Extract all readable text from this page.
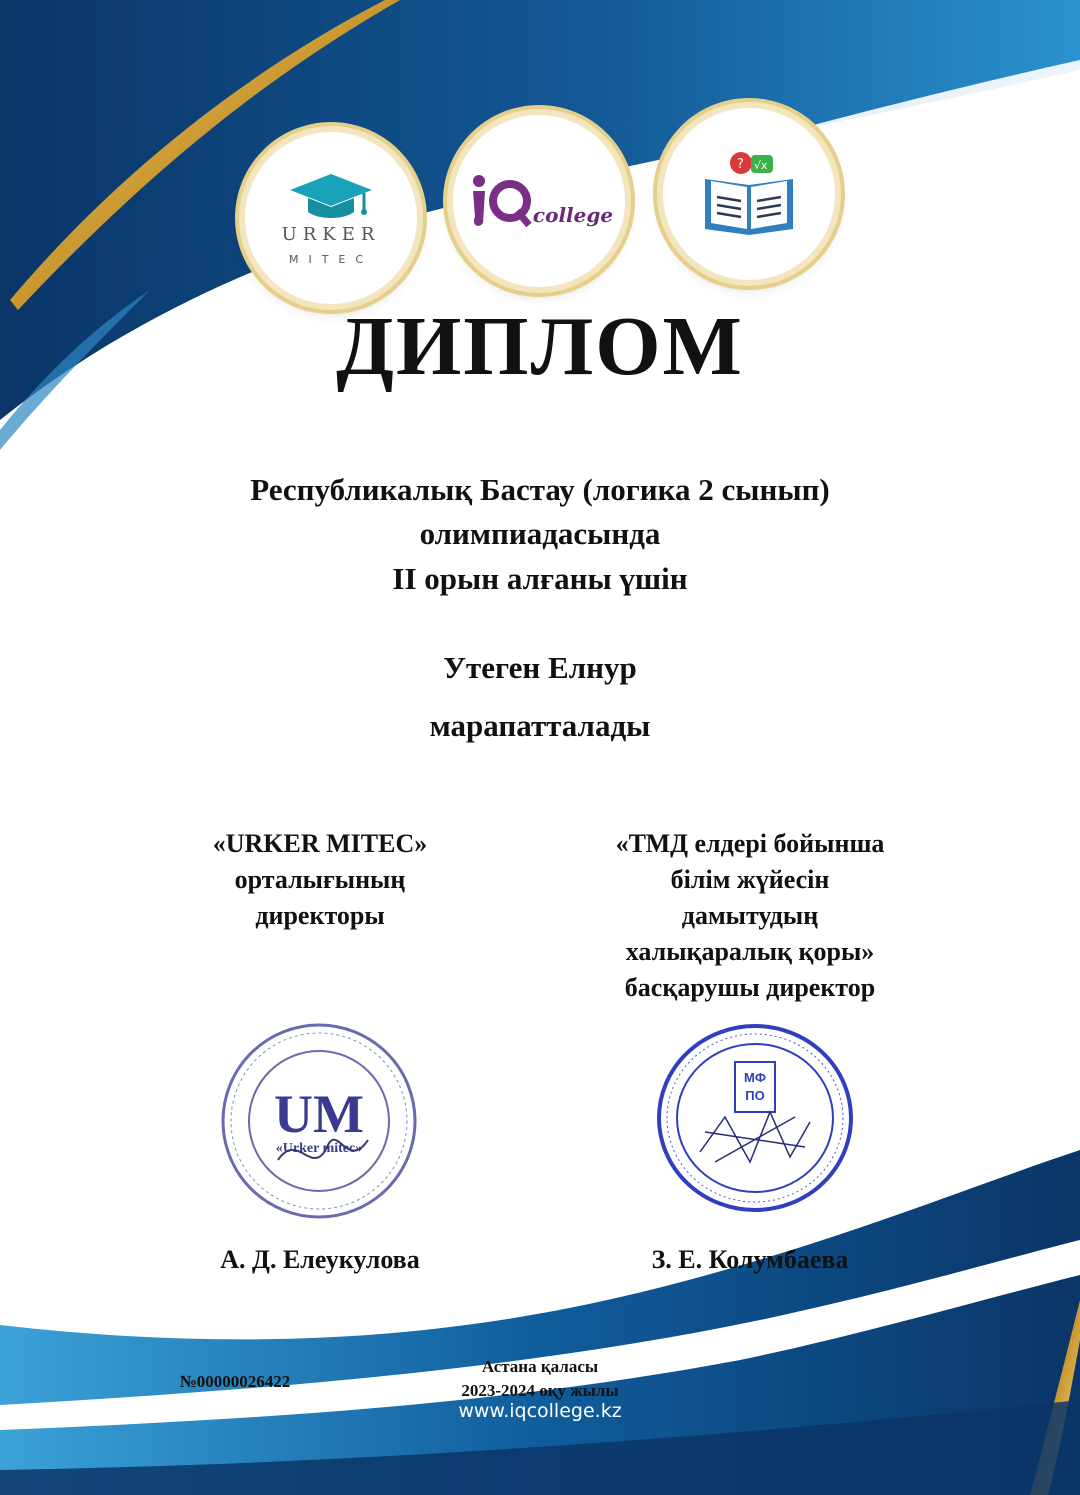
URKER
MITEC
college
? √x
ДИПЛОМ
Республикалық Бастау (логика 2 сынып)
олимпиадасында
II орын алғаны үшін
Утеген Елнур
марапатталады
«URKER MITEC»
орталығының
директоры
«ТМД елдері бойынша
білім жүйесін
дамытудың
халықаралық қоры»
басқарушы директор
UM
«Urker mitec»
МФ
ПО
А. Д. Елеукулова	З. Е. Колумбаева
№00000026422
Астана қаласы
2023-2024 оқу жылы
www.iqcollege.kz
